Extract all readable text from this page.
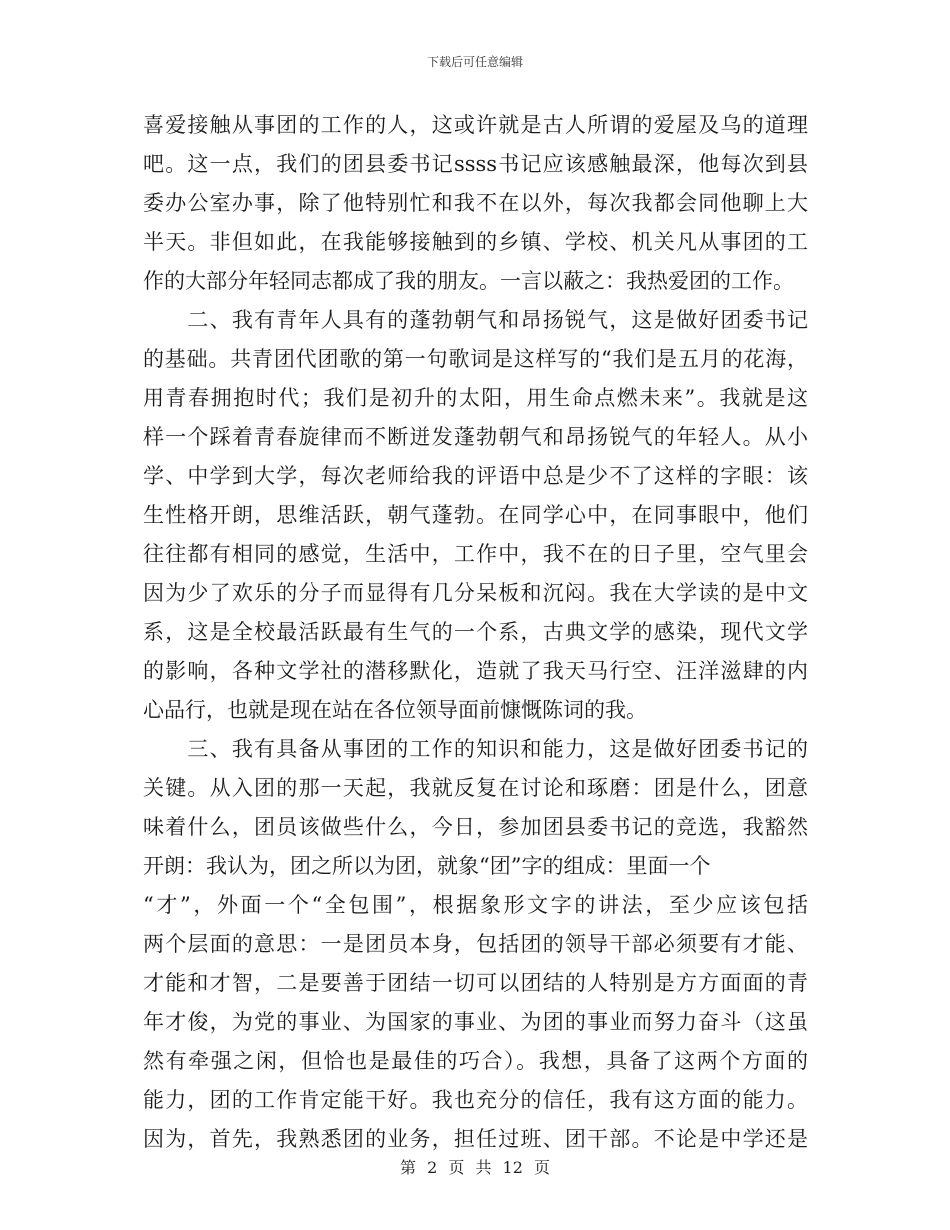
下载后可任意编辑
喜爱接触从事团的工作的人，这或许就是古人所谓的爱屋及乌的道理
吧。这一点，我们的团县委书记ssss书记应该感触最深，他每次到县
委办公室办事，除了他特别忙和我不在以外，每次我都会同他聊上大
半天。非但如此，在我能够接触到的乡镇、学校、机关凡从事团的工
作的大部分年轻同志都成了我的朋友。一言以蔽之：我热爱团的工作。
　　二、我有青年人具有的蓬勃朝气和昂扬锐气，这是做好团委书记
的基础。共青团代团歌的第一句歌词是这样写的“我们是五月的花海，
用青春拥抱时代；我们是初升的太阳，用生命点燃未来”。我就是这
样一个踩着青春旋律而不断迸发蓬勃朝气和昂扬锐气的年轻人。从小
学、中学到大学，每次老师给我的评语中总是少不了这样的字眼：该
生性格开朗，思维活跃，朝气蓬勃。在同学心中，在同事眼中，他们
往往都有相同的感觉，生活中，工作中，我不在的日子里，空气里会
因为少了欢乐的分子而显得有几分呆板和沉闷。我在大学读的是中文
系，这是全校最活跃最有生气的一个系，古典文学的感染，现代文学
的影响，各种文学社的潜移默化，造就了我天马行空、汪洋滋肆的内
心品行，也就是现在站在各位领导面前慷慨陈词的我。
　　三、我有具备从事团的工作的知识和能力，这是做好团委书记的
关键。从入团的那一天起，我就反复在讨论和琢磨：团是什么，团意
味着什么，团员该做些什么，今日，参加团县委书记的竞选，我豁然
开朗：我认为，团之所以为团，就象“团”字的组成：里面一个
“才”，外面一个“全包围”，根据象形文字的讲法，至少应该包括
两个层面的意思：一是团员本身，包括团的领导干部必须要有才能、
才能和才智，二是要善于团结一切可以团结的人特别是方方面面的青
年才俊，为党的事业、为国家的事业、为团的事业而努力奋斗（这虽
然有牵强之闲，但恰也是最佳的巧合）。我想，具备了这两个方面的
能力，团的工作肯定能干好。我也充分的信任，我有这方面的能力。
因为，首先，我熟悉团的业务，担任过班、团干部。不论是中学还是
第 2 页 共 12 页
